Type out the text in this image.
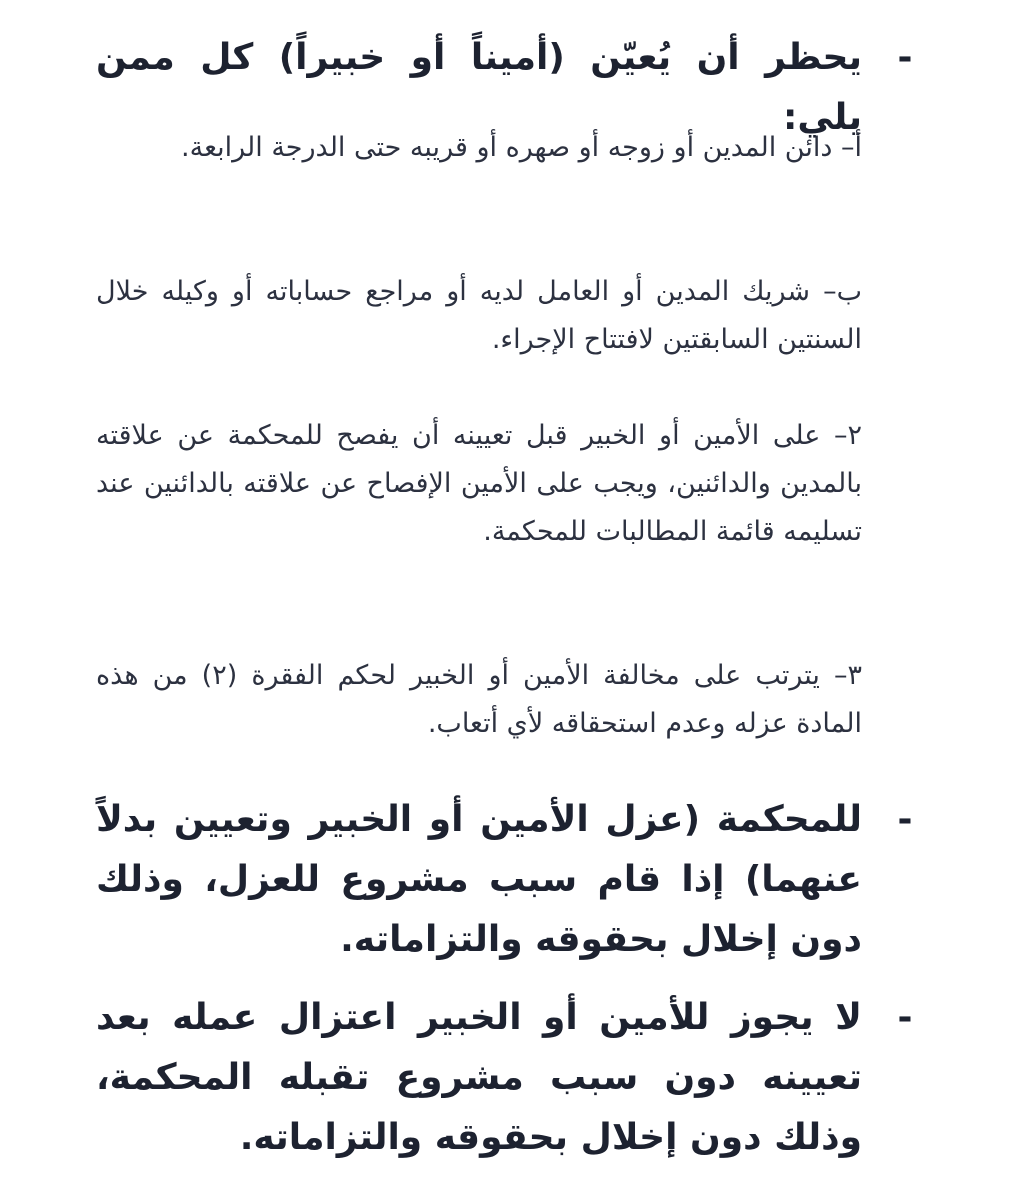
-
يحظر أن يُعيّن (أميناً أو خبيراً) كل ممن يلي:
أ– دائن المدين أو زوجه أو صهره أو قريبه حتى الدرجة الرابعة.
ب– شريك المدين أو العامل لديه أو مراجع حساباته أو وكيله خلال السنتين السابقتين لافتتاح الإجراء.
٢– على الأمين أو الخبير قبل تعيينه أن يفصح للمحكمة عن علاقته بالمدين والدائنين، ويجب على الأمين الإفصاح عن علاقته بالدائنين عند تسليمه قائمة المطالبات للمحكمة.
٣– يترتب على مخالفة الأمين أو الخبير لحكم الفقرة (٢) من هذه المادة عزله وعدم استحقاقه لأي أتعاب.
-
للمحكمة (عزل الأمين أو الخبير وتعيين بدلاً عنهما) إذا قام سبب مشروع للعزل، وذلك دون إخلال بحقوقه والتزاماته.
-
لا يجوز للأمين أو الخبير اعتزال عمله بعد تعيينه دون سبب مشروع تقبله المحكمة، وذلك دون إخلال بحقوقه والتزاماته.
